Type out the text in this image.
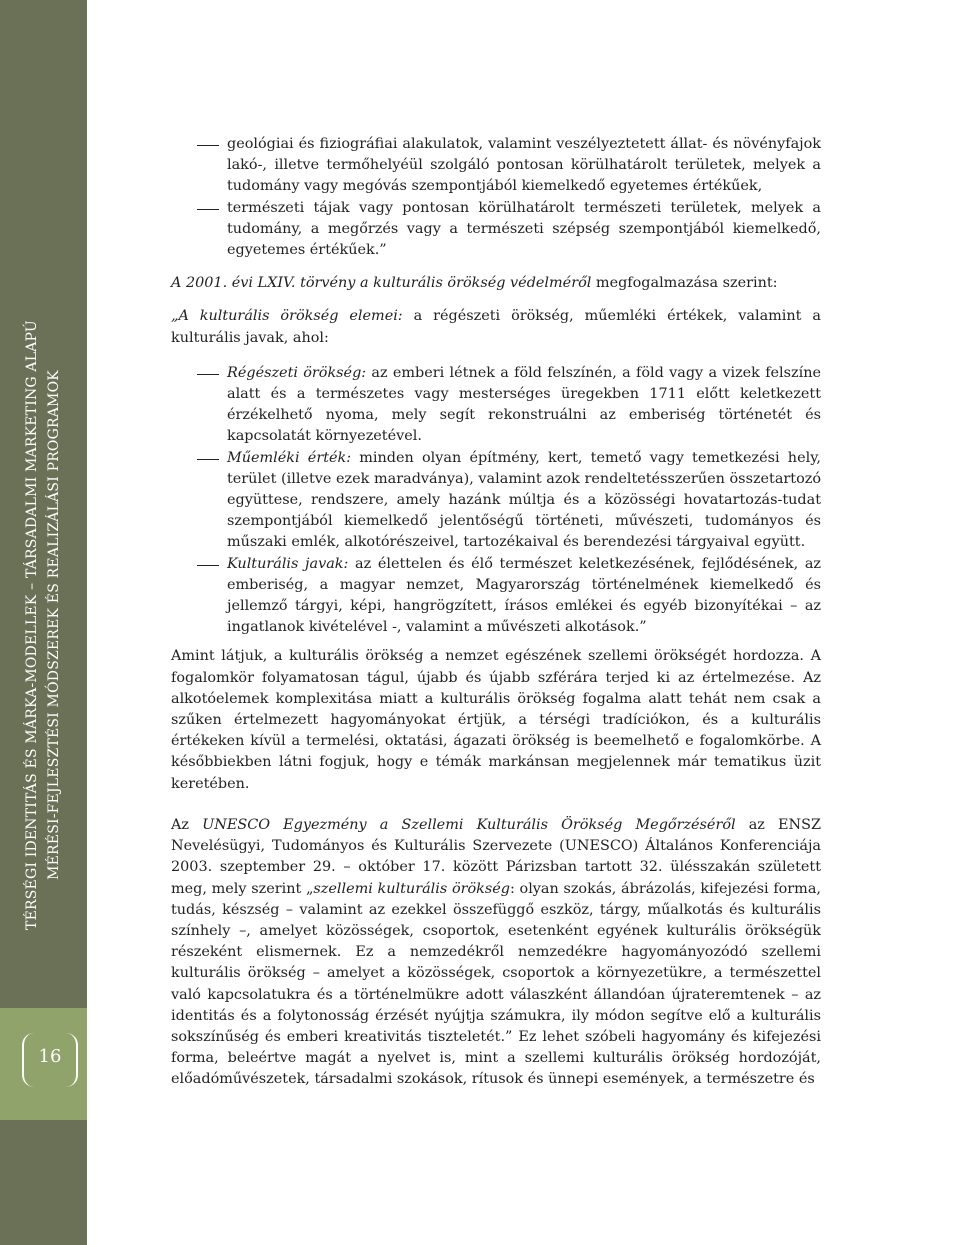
TÉRSÉGI IDENTITÁS ÉS MÁRKA-MODELLEK – TÁRSADALMI MARKETING ALAPÚ MÉRÉSI-FEJLESZTÉSI MÓDSZEREK ÉS REALIZÁLÁSI PROGRAMOK
16

geológiai és fiziográfiai alakulatok, valamint veszélyeztetett állat- és növényfajok lakó-, illetve termőhelyéül szolgáló pontosan körülhatárolt területek, melyek a tudomány vagy megóvás szempontjából kiemelkedő egyetemes értékűek,

természeti tájak vagy pontosan körülhatárolt természeti területek, melyek a tudomány, a megőrzés vagy a természeti szépség szempontjából kiemelkedő, egyetemes értékűek.”

A 2001. évi LXIV. törvény a kulturális örökség védelméről megfogalmazása szerint:

„A kulturális örökség elemei: a régészeti örökség, műemléki értékek, valamint a kulturális javak, ahol:

Régészeti örökség: az emberi létnek a föld felszínén, a föld vagy a vizek felszíne alatt és a természetes vagy mesterséges üregekben 1711 előtt keletkezett érzékelhető nyoma, mely segít rekonstruálni az emberiség történetét és kapcsolatát környezetével.

Műemléki érték: minden olyan építmény, kert, temető vagy temetkezési hely, terület (illetve ezek maradványa), valamint azok rendeltetésszerűen összetartozó együttese, rendszere, amely hazánk múltja és a közösségi hovatartozás-tudat szempontjából kiemelkedő jelentőségű történeti, művészeti, tudományos és műszaki emlék, alkotórészeivel, tartozékaival és berendezési tárgyaival együtt.

Kulturális javak: az élettelen és élő természet keletkezésének, fejlődésének, az emberiség, a magyar nemzet, Magyarország történelmének kiemelkedő és jellemző tárgyi, képi, hangrögzített, írásos emlékei és egyéb bizonyítékai – az ingatlanok kivételével -, valamint a művészeti alkotások.”

Amint látjuk, a kulturális örökség a nemzet egészének szellemi örökségét hordozza. A fogalomkör folyamatosan tágul, újabb és újabb szférára terjed ki az értelmezése. Az alkotóelemek komplexitása miatt a kulturális örökség fogalma alatt tehát nem csak a szűken értelmezett hagyományokat értjük, a térségi tradíciókon, és a kulturális értékeken kívül a termelési, oktatási, ágazati örökség is beemelhető e fogalomkörbe. A későbbiekben látni fogjuk, hogy e témák markánsan megjelennek már tematikus üzit keretében.

Az UNESCO Egyezmény a Szellemi Kulturális Örökség Megőrzéséről az ENSZ Nevelésügyi, Tudományos és Kulturális Szervezete (UNESCO) Általános Konferenciája 2003. szeptember 29. – október 17. között Párizsban tartott 32. ülésszakán született meg, mely szerint „szellemi kulturális örökség: olyan szokás, ábrázolás, kifejezési forma, tudás, készség – valamint az ezekkel összefüggő eszköz, tárgy, műalkotás és kulturális színhely –, amelyet közösségek, csoportok, esetenként egyének kulturális örökségük részeként elismernek. Ez a nemzedékről nemzedékre hagyományozódó szellemi kulturális örökség – amelyet a közösségek, csoportok a környezetükre, a természettel való kapcsolatukra és a történelmükre adott válaszként állandóan újrateremtenek – az identitás és a folytonosság érzését nyújtja számukra, ily módon segítve elő a kulturális sokszínűség és emberi kreativitás tiszteletét.” Ez lehet szóbeli hagyomány és kifejezési forma, beleértve magát a nyelvet is, mint a szellemi kulturális örökség hordozóját, előadóművészetek, társadalmi szokások, rítusok és ünnepi események, a természetre és
